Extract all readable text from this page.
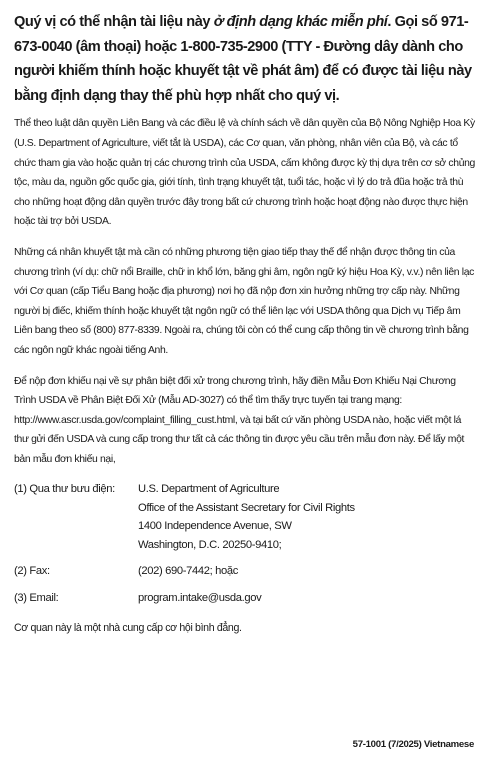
Quý vị có thể nhận tài liệu này ở định dạng khác miễn phí. Gọi số 971-673-0040 (âm thoại) hoặc 1-800-735-2900 (TTY - Đường dây dành cho người khiếm thính hoặc khuyết tật về phát âm) để có được tài liệu này bằng định dạng thay thế phù hợp nhất cho quý vị.

Thể theo luật dân quyền Liên Bang và các điều lệ và chính sách về dân quyền của Bộ Nông Nghiệp Hoa Kỳ (U.S. Department of Agriculture, viết tắt là USDA), các Cơ quan, văn phòng, nhân viên của Bộ, và các tổ chức tham gia vào hoặc quản trị các chương trình của USDA, cấm không được kỳ thị dựa trên cơ sở chủng tộc, màu da, nguồn gốc quốc gia, giới tính, tình trạng khuyết tật, tuổi tác, hoặc vì lý do trả đũa hoặc trả thù cho những hoạt động dân quyền trước đây trong bất cứ chương trình hoặc hoạt động nào được thực hiện hoặc tài trợ bởi USDA.

Những cá nhân khuyết tật mà cần có những phương tiện giao tiếp thay thế để nhận được thông tin của chương trình (ví dụ: chữ nổi Braille, chữ in khổ lớn, băng ghi âm, ngôn ngữ ký hiệu Hoa Kỳ, v.v.) nên liên lạc với Cơ quan (cấp Tiểu Bang hoặc địa phương) nơi họ đã nộp đơn xin hưởng những trợ cấp này. Những người bị điếc, khiếm thính hoặc khuyết tật ngôn ngữ có thể liên lạc với USDA thông qua Dịch vụ Tiếp âm Liên bang theo số (800) 877-8339. Ngoài ra, chúng tôi còn có thể cung cấp thông tin về chương trình bằng các ngôn ngữ khác ngoài tiếng Anh.

Để nộp đơn khiếu nại về sự phân biệt đối xử trong chương trình, hãy điền Mẫu Đơn Khiếu Nại Chương Trình USDA về Phân Biệt Đối Xử (Mẫu AD-3027) có thể tìm thấy trực tuyến tại trang mạng: http://www.ascr.usda.gov/complaint_filling_cust.html, và tại bất cứ văn phòng USDA nào, hoặc viết một lá thư gửi đến USDA và cung cấp trong thư tất cả các thông tin được yêu cầu trên mẫu đơn này. Để lấy một bản mẫu đơn khiếu nại,

(1) Qua thư bưu điện:	U.S. Department of Agriculture
Office of the Assistant Secretary for Civil Rights
1400 Independence Avenue, SW
Washington, D.C. 20250-9410;
(2) Fax:	(202) 690-7442; hoặc
(3) Email:	program.intake@usda.gov

Cơ quan này là một nhà cung cấp cơ hội bình đẳng.

57-1001 (7/2025) Vietnamese
